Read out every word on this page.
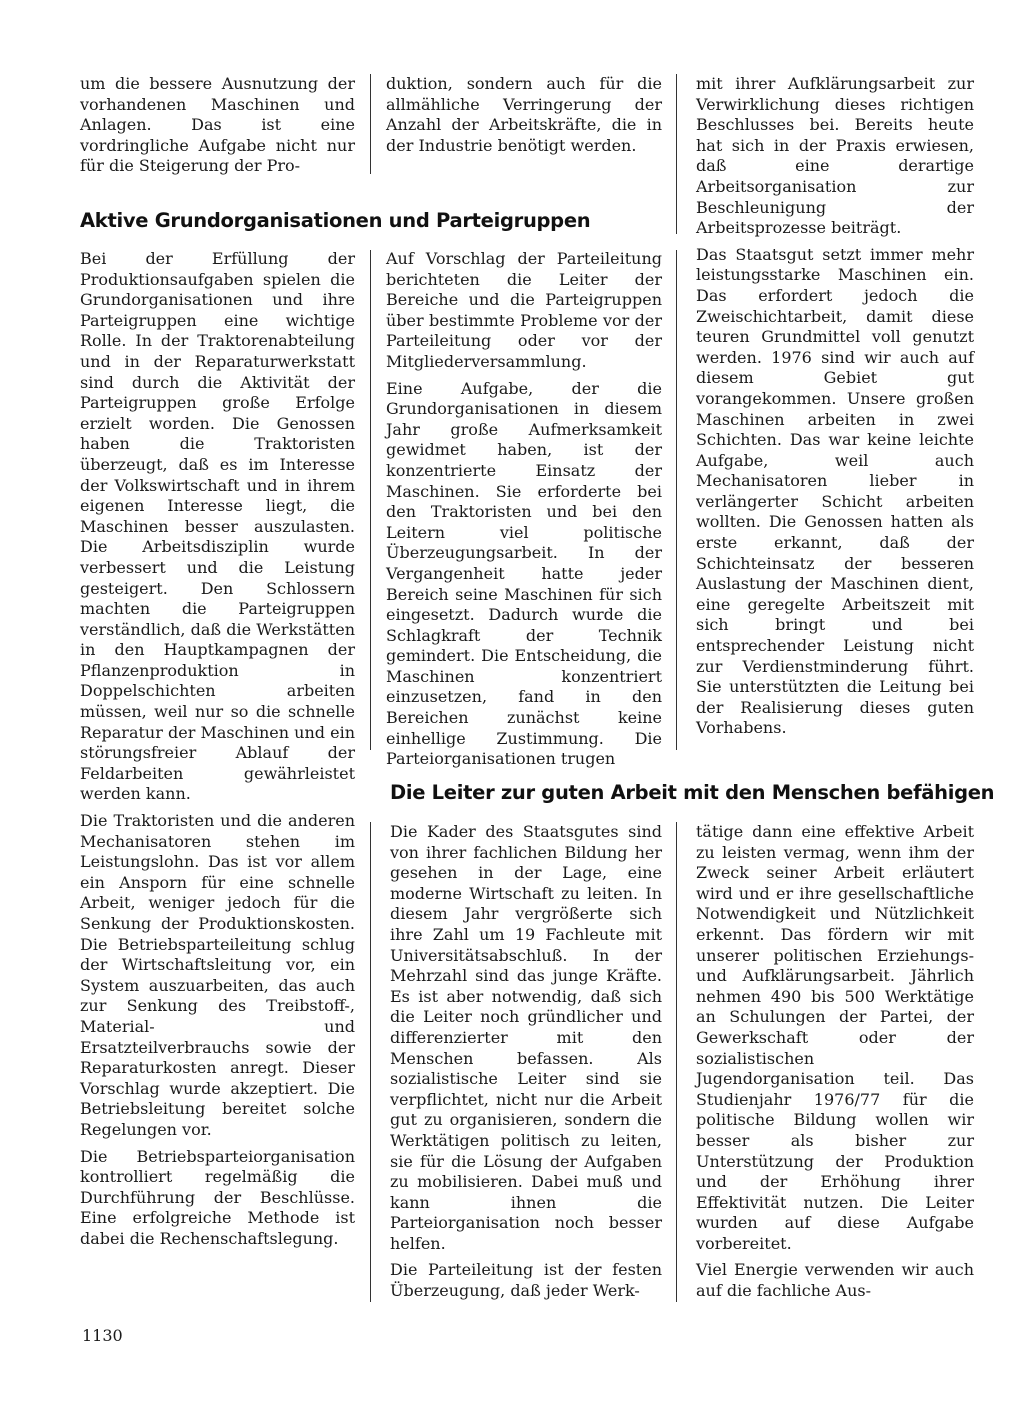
um die bessere Ausnutzung der vorhandenen Maschinen und Anlagen. Das ist eine vordringliche Aufgabe nicht nur für die Steigerung der Pro-

duktion, sondern auch für die allmähliche Verringerung der Anzahl der Arbeitskräfte, die in der Industrie benötigt werden.

Aktive Grundorganisationen und Parteigruppen

Bei der Erfüllung der Produktionsaufgaben spielen die Grundorganisationen und ihre Parteigruppen eine wichtige Rolle. In der Traktorenabteilung und in der Reparaturwerkstatt sind durch die Aktivität der Parteigruppen große Erfolge erzielt worden. Die Genossen haben die Traktoristen überzeugt, daß es im Interesse der Volkswirtschaft und in ihrem eigenen Interesse liegt, die Maschinen besser auszulasten. Die Arbeitsdisziplin wurde verbessert und die Leistung gesteigert. Den Schlossern machten die Parteigruppen verständlich, daß die Werkstätten in den Hauptkampagnen der Pflanzenproduktion in Doppelschichten arbeiten müssen, weil nur so die schnelle Reparatur der Maschinen und ein störungsfreier Ablauf der Feldarbeiten gewährleistet werden kann.

Die Traktoristen und die anderen Mechanisatoren stehen im Leistungslohn. Das ist vor allem ein Ansporn für eine schnelle Arbeit, weniger jedoch für die Senkung der Produktionskosten. Die Betriebsparteileitung schlug der Wirtschaftsleitung vor, ein System auszuarbeiten, das auch zur Senkung des Treibstoff-, Material- und Ersatzteilverbrauchs sowie der Reparaturkosten anregt. Dieser Vorschlag wurde akzeptiert. Die Betriebsleitung bereitet solche Regelungen vor.

Die Betriebsparteiorganisation kontrolliert regelmäßig die Durchführung der Beschlüsse. Eine erfolgreiche Methode ist dabei die Rechenschaftslegung.

Auf Vorschlag der Parteileitung berichteten die Leiter der Bereiche und die Parteigruppen über bestimmte Probleme vor der Parteileitung oder vor der Mitgliederversammlung.

Eine Aufgabe, der die Grundorganisationen in diesem Jahr große Aufmerksamkeit gewidmet haben, ist der konzentrierte Einsatz der Maschinen. Sie erforderte bei den Traktoristen und bei den Leitern viel politische Überzeugungsarbeit. In der Vergangenheit hatte jeder Bereich seine Maschinen für sich eingesetzt. Dadurch wurde die Schlagkraft der Technik gemindert. Die Entscheidung, die Maschinen konzentriert einzusetzen, fand in den Bereichen zunächst keine einhellige Zustimmung. Die Parteiorganisationen trugen

mit ihrer Aufklärungsarbeit zur Verwirklichung dieses richtigen Beschlusses bei. Bereits heute hat sich in der Praxis erwiesen, daß eine derartige Arbeitsorganisation zur Beschleunigung der Arbeitsprozesse beiträgt.

Das Staatsgut setzt immer mehr leistungsstarke Maschinen ein. Das erfordert jedoch die Zweischichtarbeit, damit diese teuren Grundmittel voll genutzt werden. 1976 sind wir auch auf diesem Gebiet gut vorangekommen. Unsere großen Maschinen arbeiten in zwei Schichten. Das war keine leichte Aufgabe, weil auch Mechanisatoren lieber in verlängerter Schicht arbeiten wollten. Die Genossen hatten als erste erkannt, daß der Schichteinsatz der besseren Auslastung der Maschinen dient, eine geregelte Arbeitszeit mit sich bringt und bei entsprechender Leistung nicht zur Verdienstminderung führt. Sie unterstützten die Leitung bei der Realisierung dieses guten Vorhabens.

Die Leiter zur guten Arbeit mit den Menschen befähigen

Die Kader des Staatsgutes sind von ihrer fachlichen Bildung her gesehen in der Lage, eine moderne Wirtschaft zu leiten. In diesem Jahr vergrößerte sich ihre Zahl um 19 Fachleute mit Universitätsabschluß. In der Mehrzahl sind das junge Kräfte. Es ist aber notwendig, daß sich die Leiter noch gründlicher und differenzierter mit den Menschen befassen. Als sozialistische Leiter sind sie verpflichtet, nicht nur die Arbeit gut zu organisieren, sondern die Werktätigen politisch zu leiten, sie für die Lösung der Aufgaben zu mobilisieren. Dabei muß und kann ihnen die Parteiorganisation noch besser helfen.

Die Parteileitung ist der festen Überzeugung, daß jeder Werk-

tätige dann eine effektive Arbeit zu leisten vermag, wenn ihm der Zweck seiner Arbeit erläutert wird und er ihre gesellschaftliche Notwendigkeit und Nützlichkeit erkennt. Das fördern wir mit unserer politischen Erziehungs- und Aufklärungsarbeit. Jährlich nehmen 490 bis 500 Werktätige an Schulungen der Partei, der Gewerkschaft oder der sozialistischen Jugendorganisation teil. Das Studienjahr 1976/77 für die politische Bildung wollen wir besser als bisher zur Unterstützung der Produktion und der Erhöhung ihrer Effektivität nutzen. Die Leiter wurden auf diese Aufgabe vorbereitet.

Viel Energie verwenden wir auch auf die fachliche Aus-

1130
